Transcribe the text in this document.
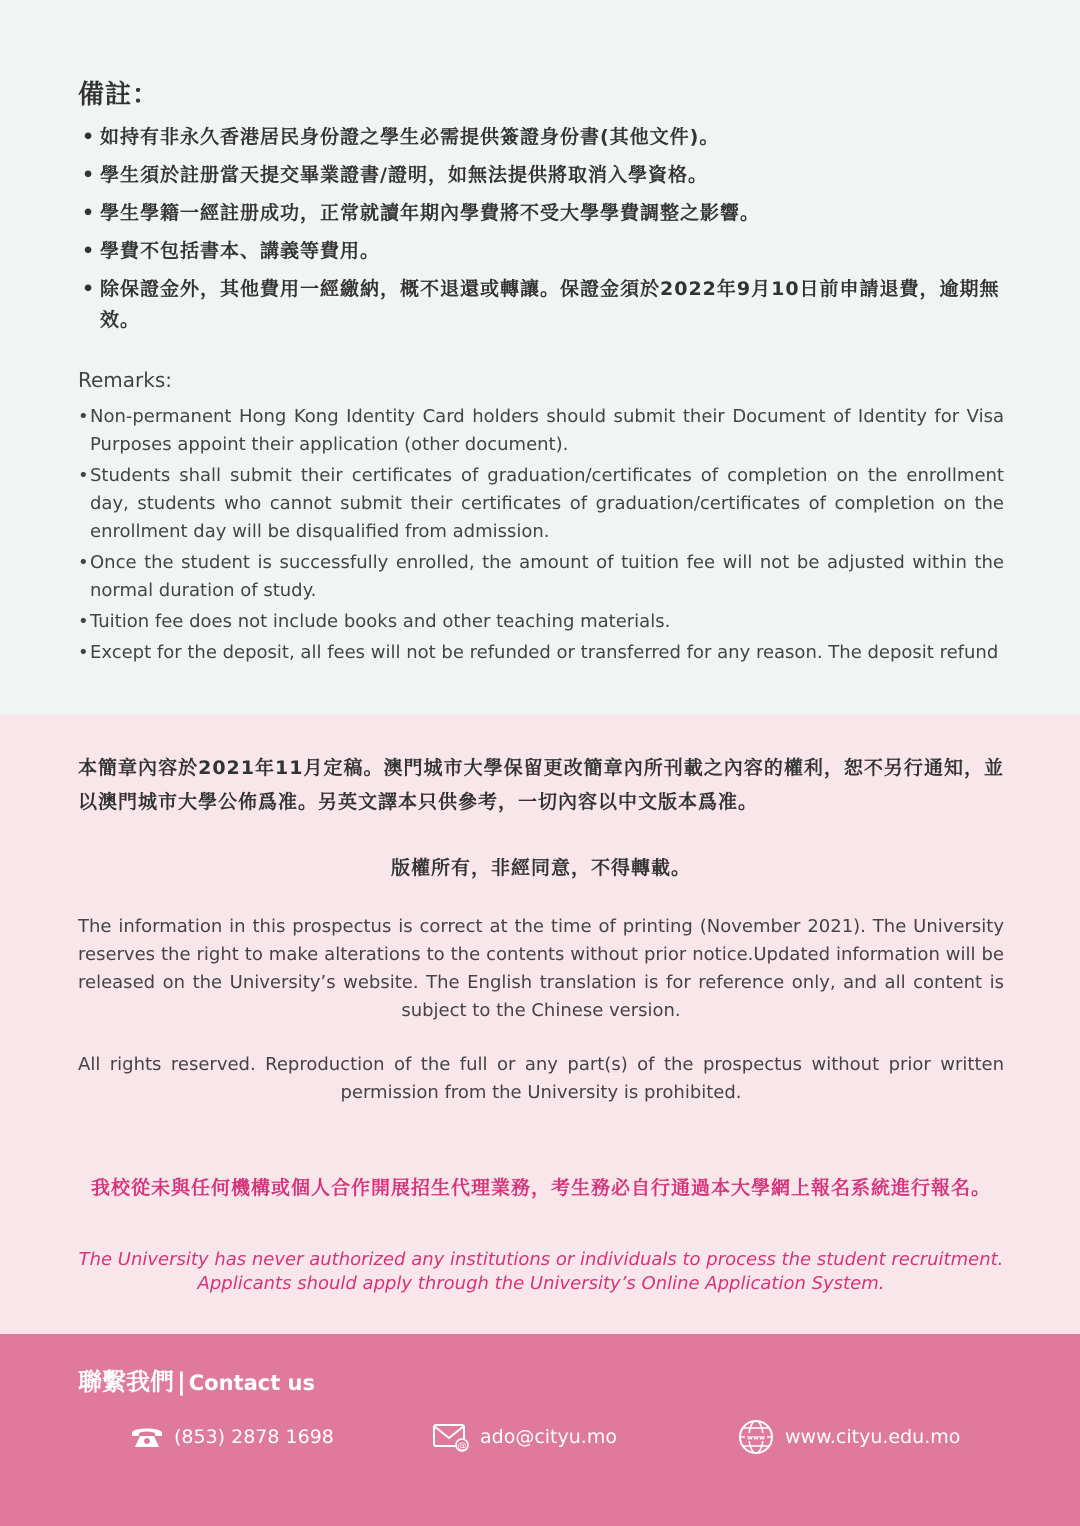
備註：
• 如持有非永久香港居民身份證之學生必需提供簽證身份書(其他文件)。
• 學生須於註册當天提交畢業證書/證明，如無法提供將取消入學資格。
• 學生學籍一經註册成功，正常就讀年期內學費將不受大學學費調整之影響。
• 學費不包括書本、講義等費用。
• 除保證金外，其他費用一經繳納，概不退還或轉讓。保證金須於2022年9月10日前申請退費，逾期無效。
Remarks:
• Non-permanent Hong Kong Identity Card holders should submit their Document of Identity for Visa Purposes appoint their application (other document).
• Students shall submit their certificates of graduation/certificates of completion on the enrollment day, students who cannot submit their certificates of graduation/certificates of completion on the enrollment day will be disqualified from admission.
• Once the student is successfully enrolled, the amount of tuition fee will not be adjusted within the normal duration of study.
• Tuition fee does not include books and other teaching materials.
• Except for the deposit, all fees will not be refunded or transferred for any reason. The deposit refund
本簡章內容於2021年11月定稿。澳門城市大學保留更改簡章內所刊載之內容的權利，恕不另行通知，並以澳門城市大學公佈爲准。另英文譯本只供參考，一切內容以中文版本爲准。
版權所有，非經同意，不得轉載。
The information in this prospectus is correct at the time of printing (November 2021). The University reserves the right to make alterations to the contents without prior notice.Updated information will be released on the University’s website. The English translation is for reference only, and all content is subject to the Chinese version.
All rights reserved. Reproduction of the full or any part(s) of the prospectus without prior written permission from the University is prohibited.
我校從未與任何機構或個人合作開展招生代理業務，考生務必自行通過本大學網上報名系統進行報名。
The University has never authorized any institutions or individuals to process the student recruitment.
Applicants should apply through the University’s Online Application System.
聯繫我們 | Contact us
(853) 2878 1698	@ ado@cityu.mo	www www.cityu.edu.mo
